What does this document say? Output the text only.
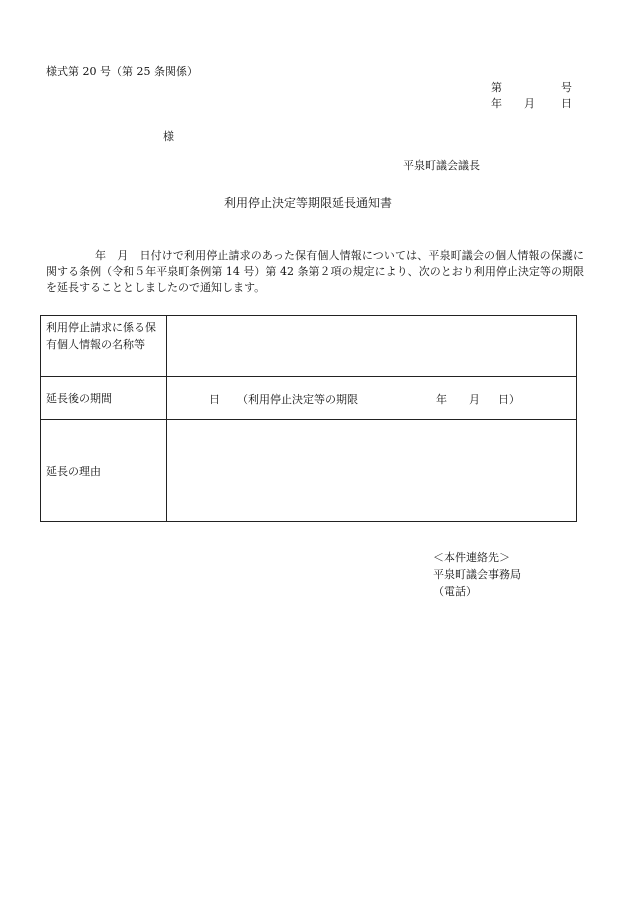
様式第 20 号（第 25 条関係）
第	号
年 月 日
様
平泉町議会議長
利用停止決定等期限延長通知書

年　月　日付けで利用停止請求のあった保有個人情報については、平泉町議会の個人情報の保護に関する条例（令和５年平泉町条例第 14 号）第 42 条第２項の規定により、次のとおり利用停止決定等の期限を延長することとしましたので通知します。

利用停止請求に係る保有個人情報の名称等	
延長後の期間	日 （利用停止決定等の期限 年 月 日）

延長の理由	
＜本件連絡先＞
平泉町議会事務局
（電話）
